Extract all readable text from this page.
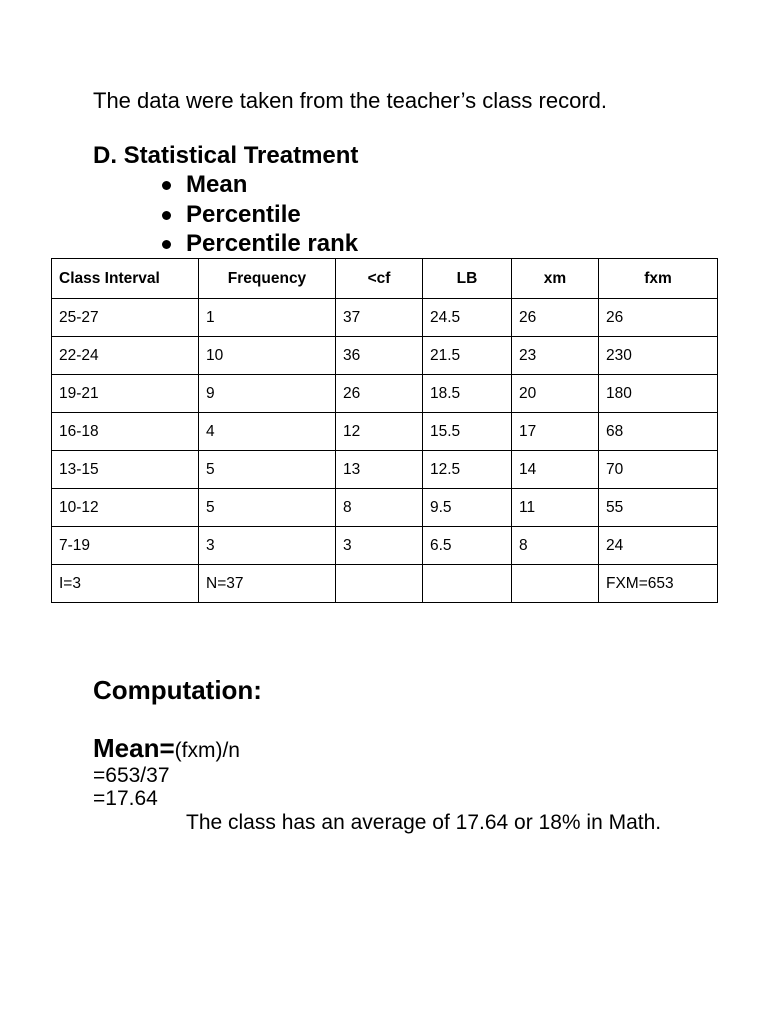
The data were taken from the teacher’s class record.
D. Statistical Treatment
Mean
Percentile
Percentile rank
Class Interval	Frequency	<cf	LB	xm	fxm
25-27	1	37	24.5	26	26
22-24	10	36	21.5	23	230
19-21	9	26	18.5	20	180
16-18	4	12	15.5	17	68
13-15	5	13	12.5	14	70
10-12	5	8	9.5	11	55
7-19	3	3	6.5	8	24
I=3	N=37				FXM=653
Computation:
Mean=(fxm)/n
=653/37
=17.64
The class has an average of 17.64 or 18% in Math.
